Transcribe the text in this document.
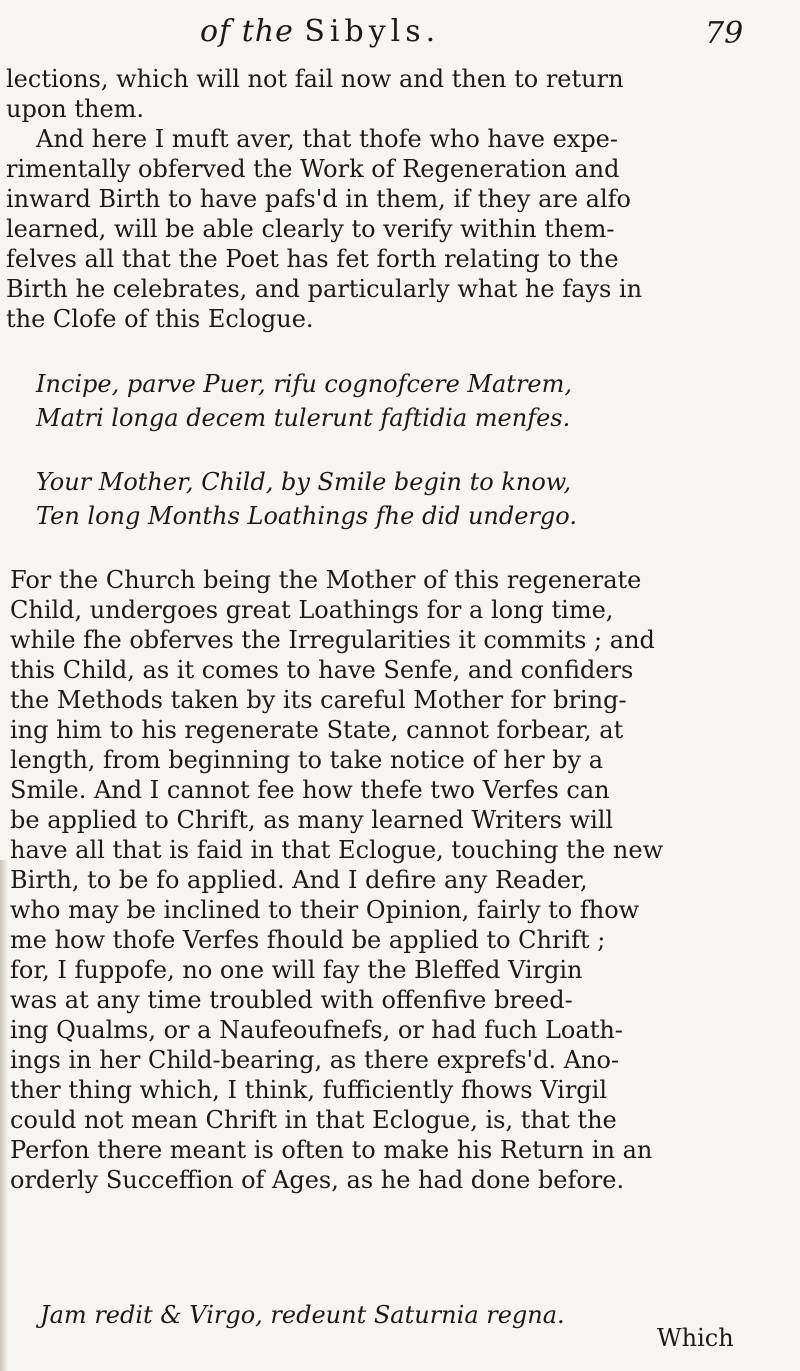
of the Sibyls.	79
lections, which will not fail now and then to return
upon them.
And here I muft aver, that thofe who have expe-
rimentally obferved the Work of Regeneration and
inward Birth to have pafs'd in them, if they are alfo
learned, will be able clearly to verify within them-
felves all that the Poet has fet forth relating to the
Birth he celebrates, and particularly what he fays in
the Clofe of this Eclogue.
Incipe, parve Puer, rifu cognofcere Matrem,
Matri longa decem tulerunt faftidia menfes.
Your Mother, Child, by Smile begin to know,
Ten long Months Loathings fhe did undergo.
For the Church being the Mother of this regenerate
Child, undergoes great Loathings for a long time,
while fhe obferves the Irregularities it commits ; and
this Child, as it comes to have Senfe, and confiders
the Methods taken by its careful Mother for bring-
ing him to his regenerate State, cannot forbear, at
length, from beginning to take notice of her by a
Smile. And I cannot fee how thefe two Verfes can
be applied to Chrift, as many learned Writers will
have all that is faid in that Eclogue, touching the new
Birth, to be fo applied. And I defire any Reader,
who may be inclined to their Opinion, fairly to fhow
me how thofe Verfes fhould be applied to Chrift ;
for, I fuppofe, no one will fay the Bleffed Virgin
was at any time troubled with offenfive breed-
ing Qualms, or a Naufeoufnefs, or had fuch Loath-
ings in her Child-bearing, as there exprefs'd. Ano-
ther thing which, I think, fufficiently fhows Virgil
could not mean Chrift in that Eclogue, is, that the
Perfon there meant is often to make his Return in an
orderly Succeffion of Ages, as he had done before.
Jam redit & Virgo, redeunt Saturnia regna.
Which
